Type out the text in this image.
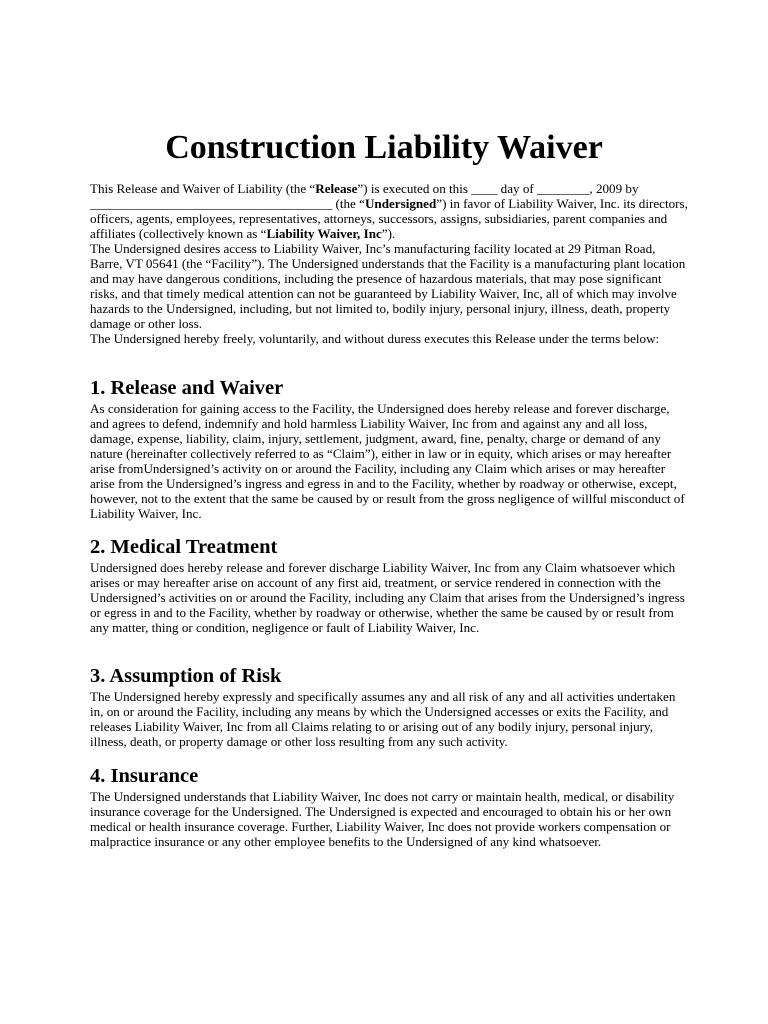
Construction Liability Waiver

This Release and Waiver of Liability (the “Release”) is executed on this ____ day of ________, 2009 by _____________________________________ (the “Undersigned”) in favor of Liability Waiver, Inc. its directors, officers, agents, employees, representatives, attorneys, successors, assigns, subsidiaries, parent companies and affiliates (collectively known as “Liability Waiver, Inc”).

The Undersigned desires access to Liability Waiver, Inc’s manufacturing facility located at 29 Pitman Road, Barre, VT 05641 (the “Facility”). The Undersigned understands that the Facility is a manufacturing plant location and may have dangerous conditions, including the presence of hazardous materials, that may pose significant risks, and that timely medical attention can not be guaranteed by Liability Waiver, Inc, all of which may involve hazards to the Undersigned, including, but not limited to, bodily injury, personal injury, illness, death, property damage or other loss.

The Undersigned hereby freely, voluntarily, and without duress executes this Release under the terms below:

1. Release and Waiver

As consideration for gaining access to the Facility, the Undersigned does hereby release and forever discharge, and agrees to defend, indemnify and hold harmless Liability Waiver, Inc from and against any and all loss, damage, expense, liability, claim, injury, settlement, judgment, award, fine, penalty, charge or demand of any nature (hereinafter collectively referred to as “Claim”), either in law or in equity, which arises or may hereafter arise fromUndersigned’s activity on or around the Facility, including any Claim which arises or may hereafter arise from the Undersigned’s ingress and egress in and to the Facility, whether by roadway or otherwise, except, however, not to the extent that the same be caused by or result from the gross negligence of willful misconduct of Liability Waiver, Inc.

2. Medical Treatment

Undersigned does hereby release and forever discharge Liability Waiver, Inc from any Claim whatsoever which arises or may hereafter arise on account of any first aid, treatment, or service rendered in connection with the Undersigned’s activities on or around the Facility, including any Claim that arises from the Undersigned’s ingress or egress in and to the Facility, whether by roadway or otherwise, whether the same be caused by or result from any matter, thing or condition, negligence or fault of Liability Waiver, Inc.

3. Assumption of Risk

The Undersigned hereby expressly and specifically assumes any and all risk of any and all activities undertaken in, on or around the Facility, including any means by which the Undersigned accesses or exits the Facility, and releases Liability Waiver, Inc from all Claims relating to or arising out of any bodily injury, personal injury, illness, death, or property damage or other loss resulting from any such activity.

4. Insurance

The Undersigned understands that Liability Waiver, Inc does not carry or maintain health, medical, or disability insurance coverage for the Undersigned. The Undersigned is expected and encouraged to obtain his or her own medical or health insurance coverage. Further, Liability Waiver, Inc does not provide workers compensation or malpractice insurance or any other employee benefits to the Undersigned of any kind whatsoever.
